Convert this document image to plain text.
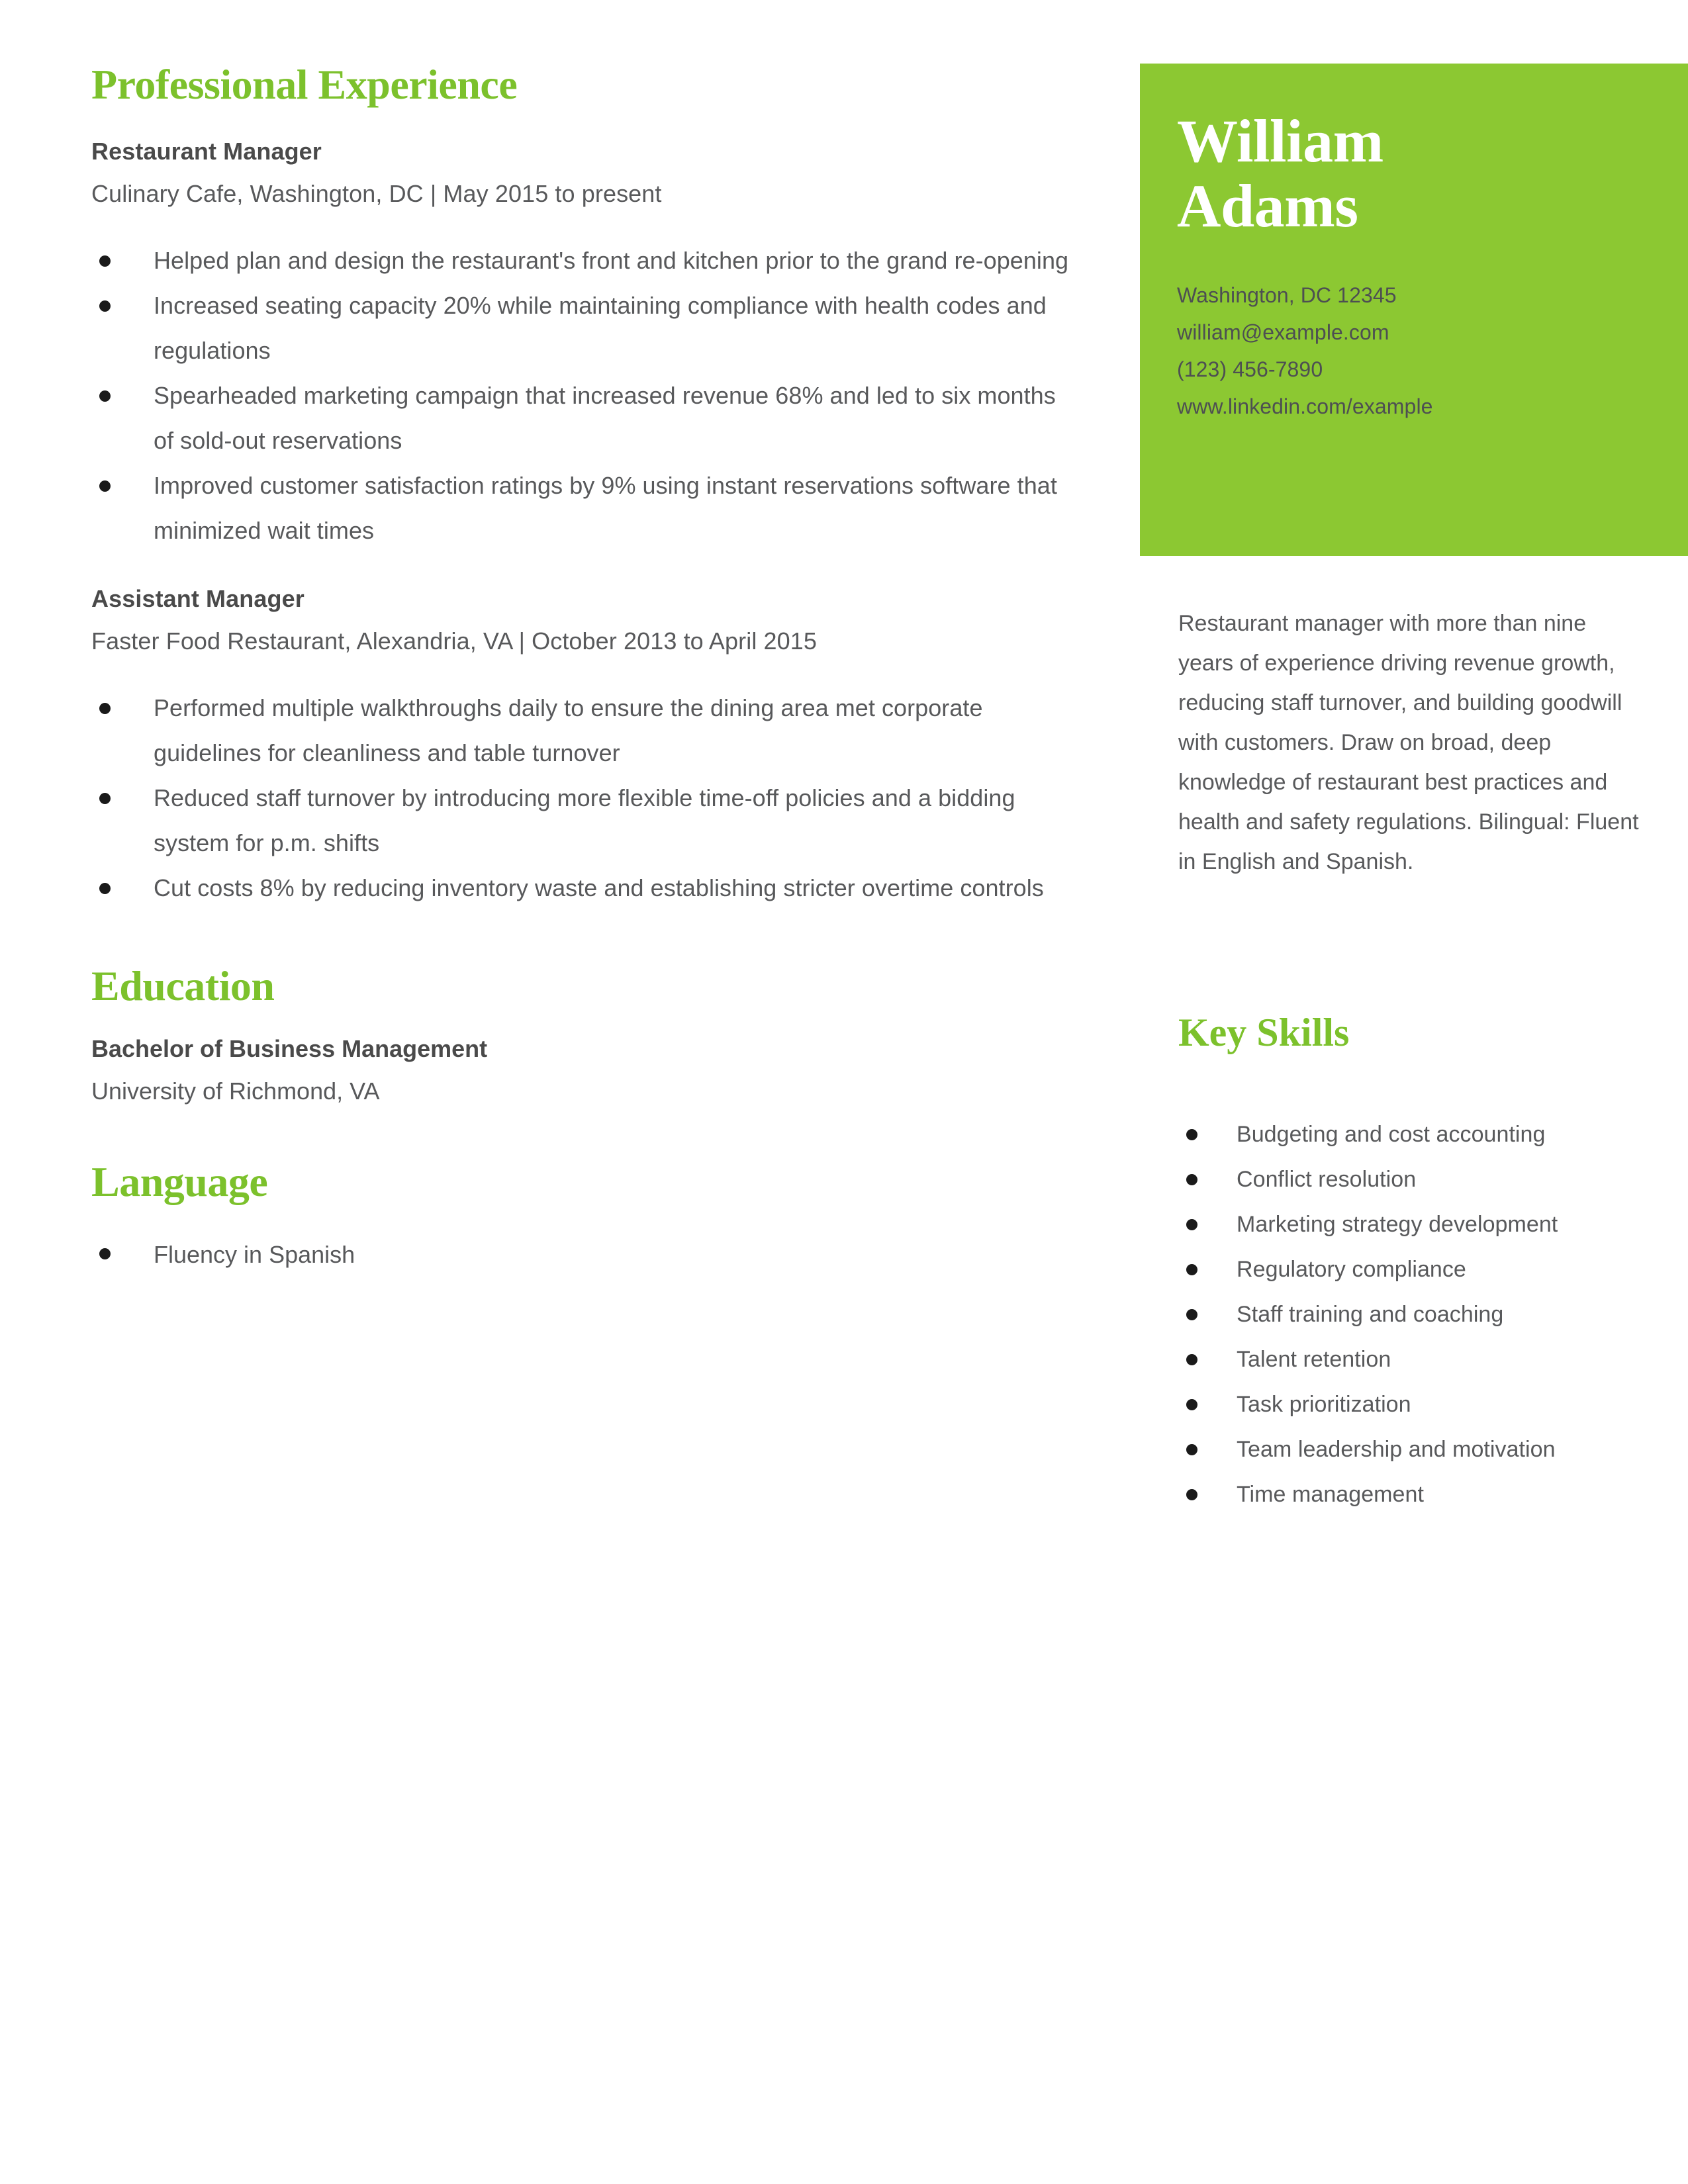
Professional Experience
Restaurant Manager
Culinary Cafe, Washington, DC | May 2015 to present
Helped plan and design the restaurant's front and kitchen prior to the grand re-opening
Increased seating capacity 20% while maintaining compliance with health codes and regulations
Spearheaded marketing campaign that increased revenue 68% and led to six months of sold-out reservations
Improved customer satisfaction ratings by 9% using instant reservations software that minimized wait times
Assistant Manager
Faster Food Restaurant, Alexandria, VA | October 2013 to April 2015
Performed multiple walkthroughs daily to ensure the dining area met corporate guidelines for cleanliness and table turnover
Reduced staff turnover by introducing more flexible time-off policies and a bidding system for p.m. shifts
Cut costs 8% by reducing inventory waste and establishing stricter overtime controls
Education
Bachelor of Business Management
University of Richmond, VA
Language
Fluency in Spanish
William
Adams
Washington, DC 12345
william@example.com
(123) 456-7890
www.linkedin.com/example
Restaurant manager with more than nine years of experience driving revenue growth, reducing staff turnover, and building goodwill with customers. Draw on broad, deep knowledge of restaurant best practices and health and safety regulations. Bilingual: Fluent in English and Spanish.
Key Skills
Budgeting and cost accounting
Conflict resolution
Marketing strategy development
Regulatory compliance
Staff training and coaching
Talent retention
Task prioritization
Team leadership and motivation
Time management
